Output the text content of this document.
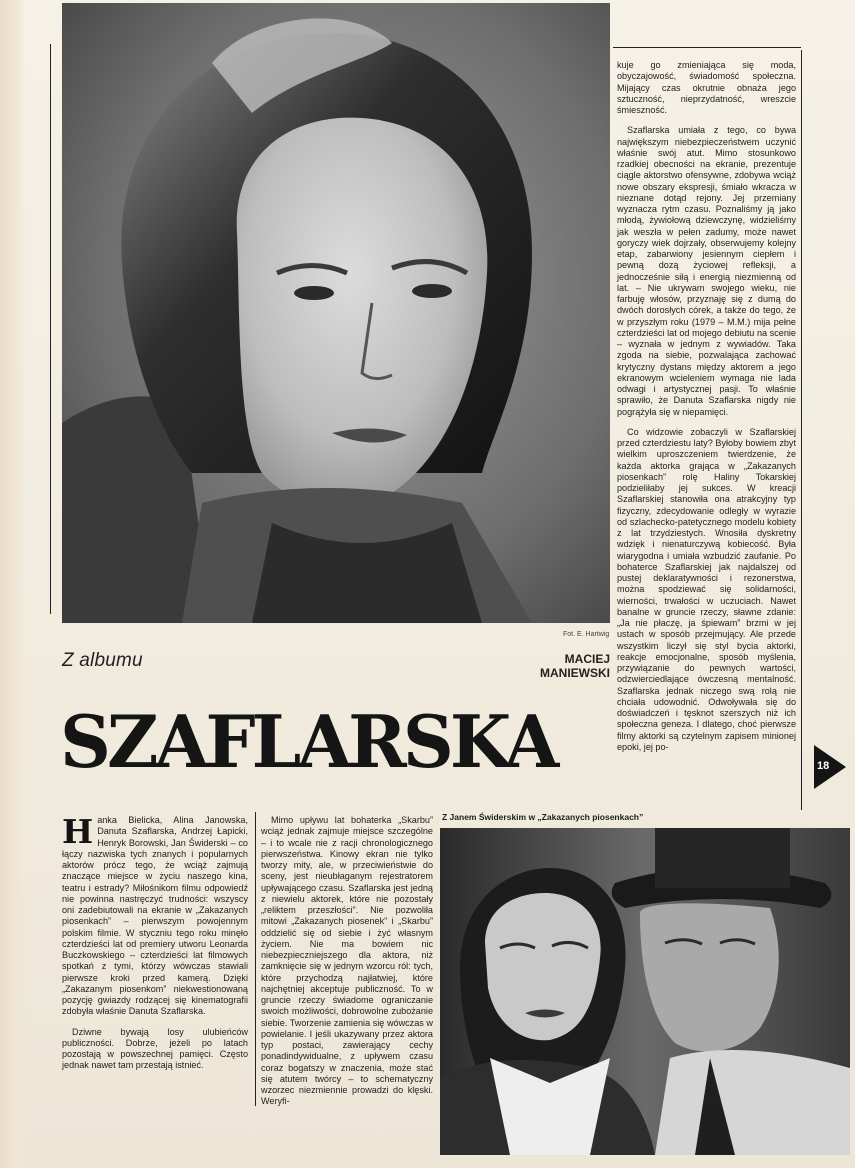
Fot. E. Hartwig
Z albumu	MACIEJ
MANIEWSKI
SZAFLARSKA

kuje go zmieniająca się moda, obyczajowość, świadomość społeczna. Mijający czas okrutnie obnaża jego sztuczność, nieprzydatność, wreszcie śmieszność.

Szaflarska umiała z tego, co bywa największym niebezpieczeństwem uczynić właśnie swój atut. Mimo stosunkowo rzadkiej obecności na ekranie, prezentuje ciągle aktorstwo ofensywne, zdobywa wciąż nowe obszary ekspresji, śmiało wkracza w nieznane dotąd rejony. Jej przemiany wyznacza rytm czasu. Poznaliśmy ją jako młodą, żywiołową dziewczynę, widzieliśmy jak weszła w pełen zadumy, może nawet goryczy wiek dojrzały, obserwujemy kolejny etap, zabarwiony jesiennym ciepłem i pewną dozą życiowej refleksji, a jednocześnie siłą i energią niezmienną od lat. – Nie ukrywam swojego wieku, nie farbuję włosów, przyznaję się z dumą do dwóch dorosłych córek, a także do tego, że w przyszłym roku (1979 – M.M.) mija pełne czterdzieści lat od mojego debiutu na scenie – wyznała w jednym z wywiadów. Taka zgoda na siebie, pozwalająca zachować krytyczny dystans między aktorem a jego ekranowym wcieleniem wymaga nie lada odwagi i artystycznej pasji. To właśnie sprawiło, że Danuta Szaflarska nigdy nie pogrążyła się w niepamięci.

Co widzowie zobaczyli w Szaflarskiej przed czterdziestu laty? Byłoby bowiem zbyt wielkim uproszczeniem twierdzenie, że każda aktorka grająca w „Zakazanych piosenkach” rolę Haliny Tokarskiej podzieliłaby jej sukces. W kreacji Szaflarskiej stanowiła ona atrakcyjny typ fizyczny, zdecydowanie odległy w wyrazie od szlachecko-patetycznego modelu kobiety z lat trzydziestych. Wnosiła dyskretny wdzięk i nienaturczywą kobiecość. Była wiarygodna i umiała wzbudzić zaufanie. Po bohaterce Szaflarskiej jak najdalszej od pustej deklaratywności i rezonerstwa, można spodziewać się solidarności, wierności, trwałości w uczuciach. Nawet banalne w gruncie rzeczy, sławne zdanie: „Ja nie płaczę, ja śpiewam” brzmi w jej ustach w sposób przejmujący. Ale przede wszystkim liczył się styl bycia aktorki, reakcje emocjonalne, sposób myślenia, przywiązanie do pewnych wartości, odzwierciedlające ówczesną mentalność. Szaflarska jednak niczego swą rolą nie chciała udowodnić. Odwoływała się do doświadczeń i tęsknot szerszych niż ich społeczna geneza. I dlatego, choć pierwsze filmy aktorki są czytelnym zapisem minionej epoki, jej po-

18

Hanka Bielicka, Alina Janowska, Danuta Szaflarska, Andrzej Łapicki, Henryk Borowski, Jan Świderski – co łączy nazwiska tych znanych i popularnych aktorów prócz tego, że wciąż zajmują znaczące miejsce w życiu naszego kina, teatru i estrady? Miłośnikom filmu odpowiedź nie powinna nastręczyć trudności: wszyscy oni zadebiutowali na ekranie w „Zakazanych piosenkach” – pierwszym powojennym polskim filmie. W styczniu tego roku minęło czterdzieści lat od premiery utworu Leonarda Buczkowskiego – czterdzieści lat filmowych spotkań z tymi, którzy wówczas stawiali pierwsze kroki przed kamerą. Dzięki „Zakazanym piosenkom” niekwestionowaną pozycję gwiazdy rodzącej się kinematografii zdobyła właśnie Danuta Szaflarska.

Dziwne bywają losy ulubieńców publiczności. Dobrze, jeżeli po latach pozostają w powszechnej pamięci. Często jednak nawet tam przestają istnieć.

Mimo upływu lat bohaterka „Skarbu” wciąż jednak zajmuje miejsce szczególne – i to wcale nie z racji chronologicznego pierwszeństwa. Kinowy ekran nie tylko tworzy mity, ale, w przeciwieństwie do sceny, jest nieubłaganym rejestratorem upływającego czasu. Szaflarska jest jedną z niewielu aktorek, które nie pozostały „reliktem przeszłości”. Nie pozwoliła mitowi „Zakazanych piosenek” i „Skarbu” oddzielić się od siebie i żyć własnym życiem. Nie ma bowiem nic niebezpieczniejszego dla aktora, niż zamknięcie się w jednym wzorcu ról: tych, które przychodzą najłatwiej, które najchętniej akceptuje publiczność. To w gruncie rzeczy świadome ograniczanie swoich możliwości, dobrowolne zubożanie siebie. Tworzenie zamienia się wówczas w powielanie. I jeśli ukazywany przez aktora typ postaci, zawierający cechy ponadindywidualne, z upływem czasu coraz bogatszy w znaczenia, może stać się atutem twórcy – to schematyczny wzorzec niezmiennie prowadzi do klęski. Weryfi-

Z Janem Świderskim w „Zakazanych piosenkach”
